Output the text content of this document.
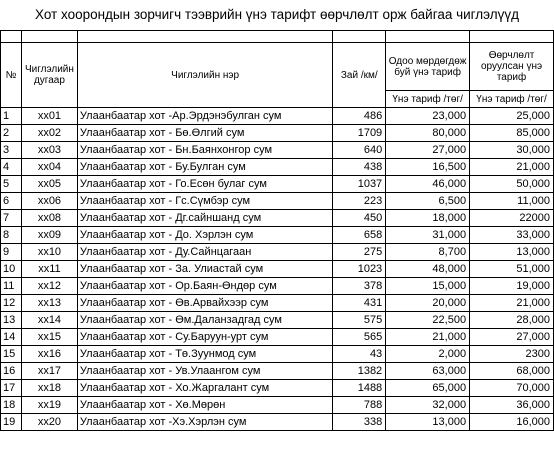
Хот хоорондын зорчигч тээврийн үнэ тарифт өөрчлөлт орж байгаа чиглэлүүд

№	Чиглэлийн дугаар	Чиглэлийн нэр	Зай /км/	Одоо мөрдөгдөж буй үнэ тариф	Өөрчлөлт оруулсан үнэ тариф
				Үнэ тариф /төг/	Үнэ тариф /төг/
1	хх01	Улаанбаатар хот -Ар.Эрдэнэбулган сум	486	23,000	25,000
2	хх02	Улаанбаатар хот - Бө.Өлгий сум	1709	80,000	85,000
3	хх03	Улаанбаатар хот - Бн.Баянхонгор сум	640	27,000	30,000
4	хх04	Улаанбаатар хот - Бу.Булган сум	438	16,500	21,000
5	хх05	Улаанбаатар хот - Го.Есөн булаг сум	1037	46,000	50,000
6	хх06	Улаанбаатар хот - Гс.Сүмбэр сум	223	6,500	11,000
7	хх08	Улаанбаатар хот - Дг.сайншанд сум	450	18,000	22000
8	хх09	Улаанбаатар хот - До. Хэрлэн сум	658	31,000	33,000
9	хх10	Улаанбаатар хот - Ду.Сайнцагаан	275	8,700	13,000
10	хх11	Улаанбаатар хот - За. Улиастай сум	1023	48,000	51,000
11	хх12	Улаанбаатар хот - Ор.Баян-Өндөр сум	378	15,000	19,000
12	хх13	Улаанбаатар хот - Өв.Арвайхээр сум	431	20,000	21,000
13	хх14	Улаанбаатар хот - Өм.Даланзадгад сум	575	22,500	28,000
14	хх15	Улаанбаатар хот - Су.Баруун-урт сум	565	21,000	27,000
15	хх16	Улаанбаатар хот - Тө.Зуунмод сум	43	2,000	2300
16	хх17	Улаанбаатар хот - Ув.Улаангом сум	1382	63,000	68,000
17	хх18	Улаанбаатар хот - Хо.Жаргалант сум	1488	65,000	70,000
18	хх19	Улаанбаатар хот - Хө.Мөрөн	788	32,000	36,000
19	хх20	Улаанбаатар хот -Хэ.Хэрлэн сум	338	13,000	16,000
